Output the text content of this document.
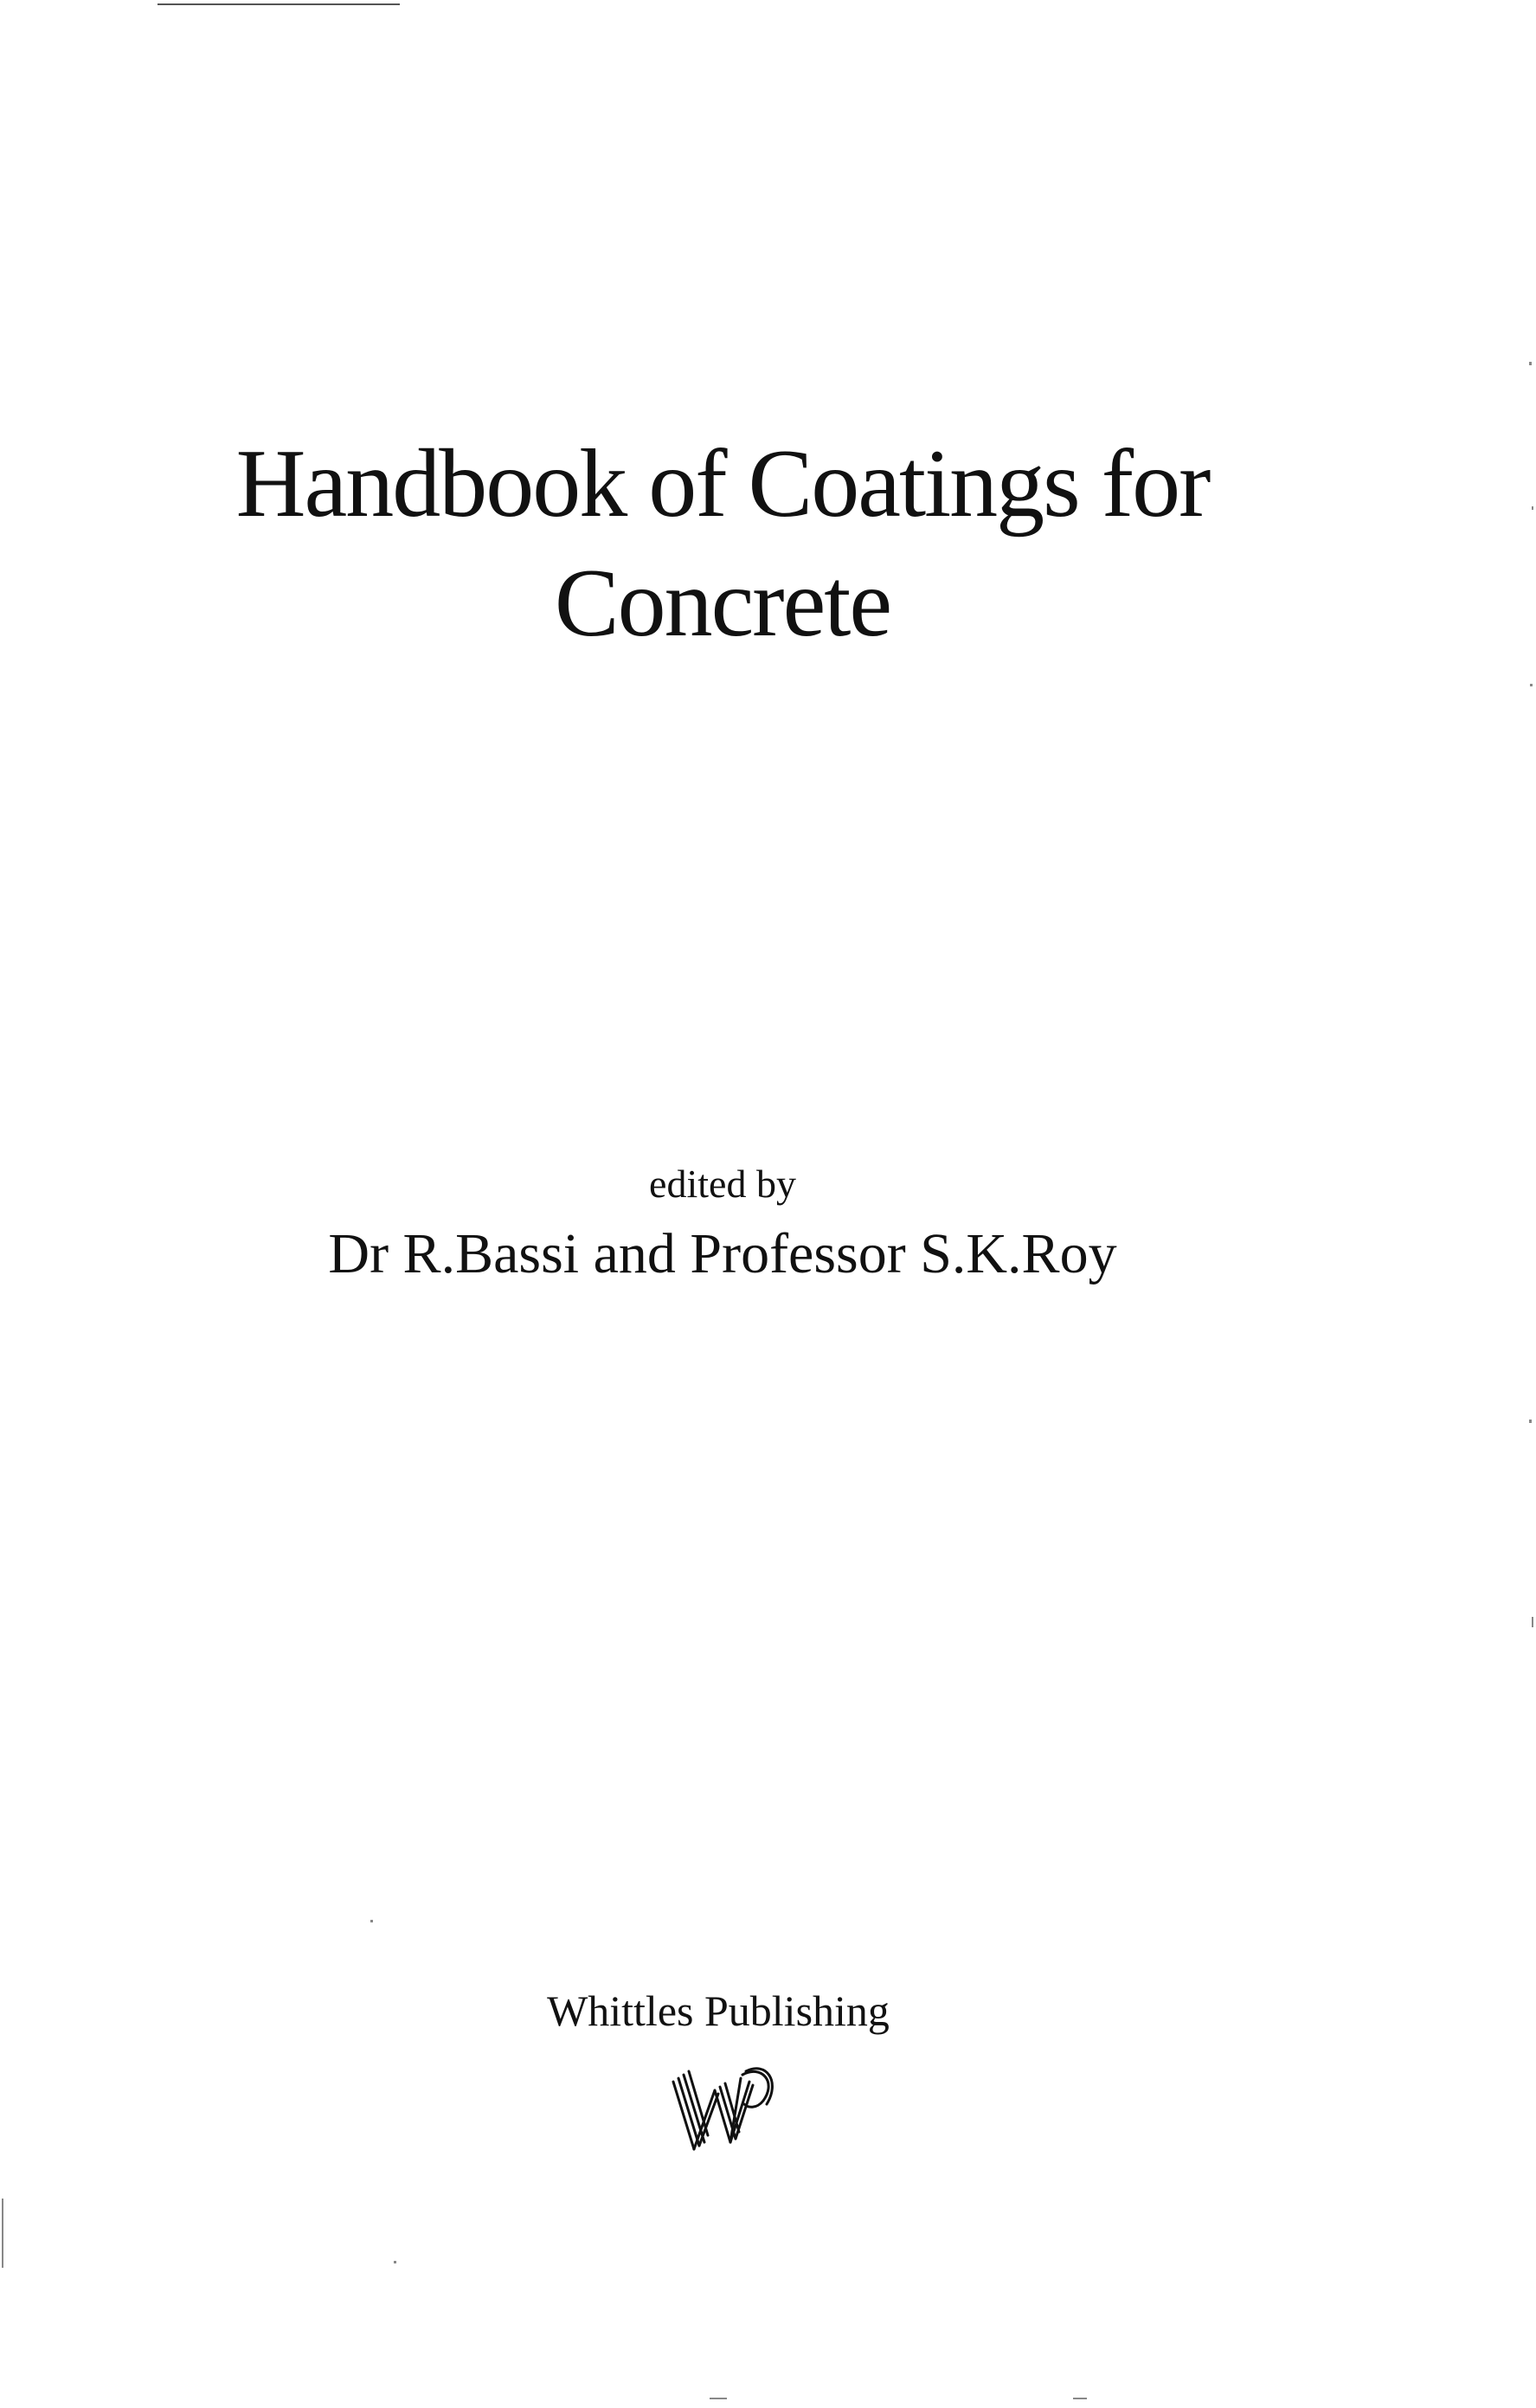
Handbook of Coatings for
Concrete
edited by
Dr R.Bassi and Professor S.K.Roy
Whittles Publishing
